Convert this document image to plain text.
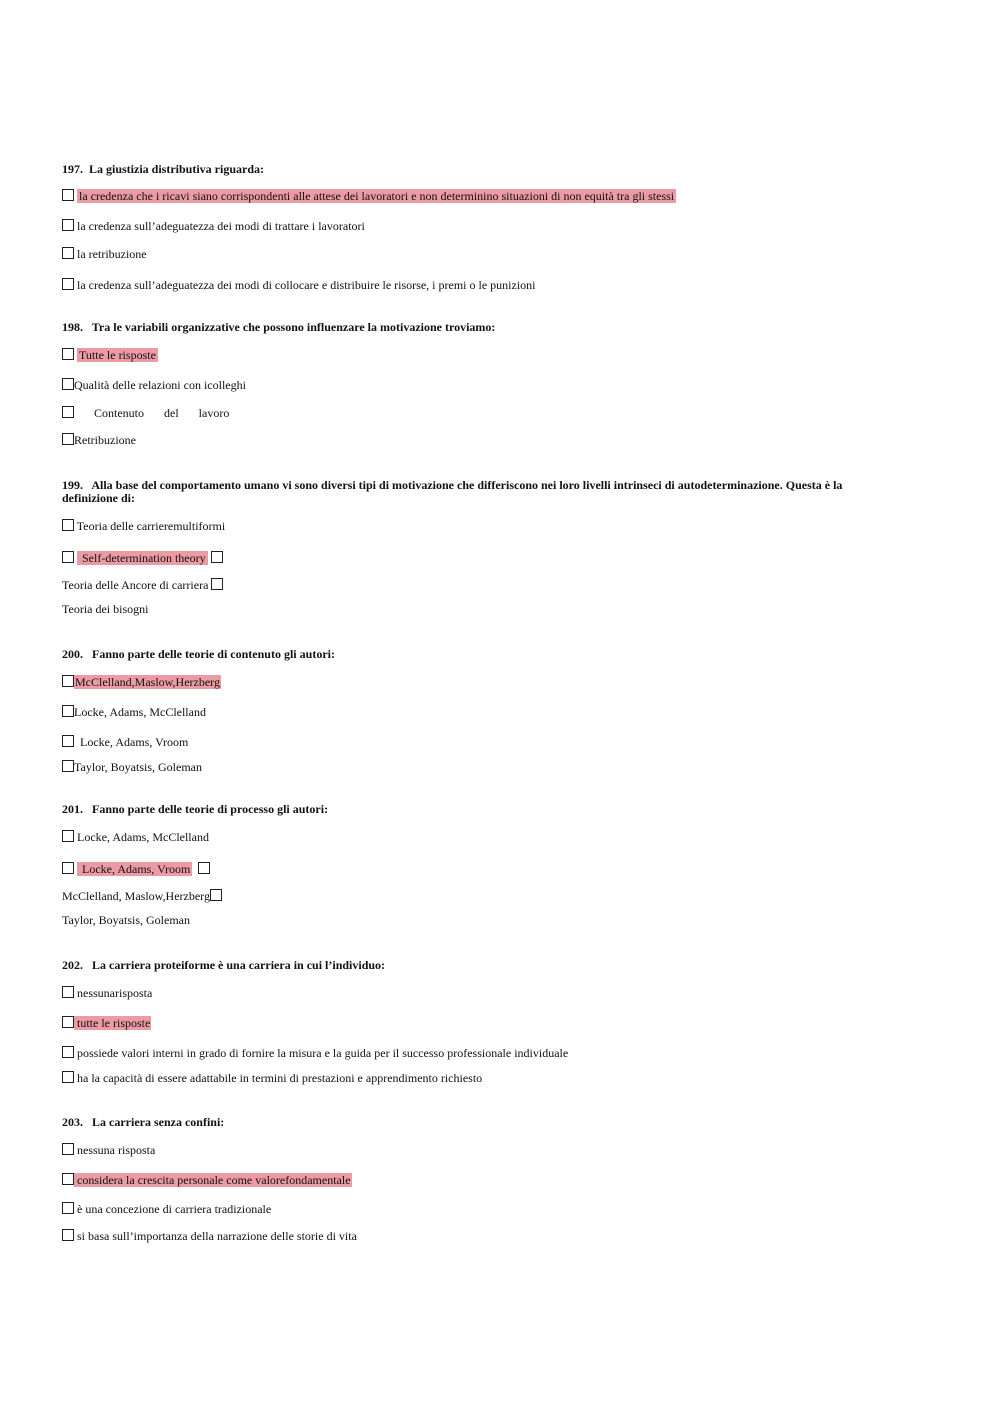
197. La giustizia distributiva riguarda:
la credenza che i ricavi siano corrispondenti alle attese dei lavoratori e non determinino situazioni di non equità tra gli stessi
la credenza sull’adeguatezza dei modi di trattare i lavoratori
la retribuzione
la credenza sull’adeguatezza dei modi di collocare e distribuire le risorse, i premi o le punizioni
198. Tra le variabili organizzative che possono influenzare la motivazione troviamo:
Tutte le risposte
Qualità delle relazioni con icolleghi
Contenuto del lavoro
Retribuzione
199. Alla base del comportamento umano vi sono diversi tipi di motivazione che differiscono nei loro livelli intrinseci di autodeterminazione. Questa è la definizione di:
Teoria delle carrieremultiformi
Self-determination theory
Teoria delle Ancore di carriera
Teoria dei bisogni
200. Fanno parte delle teorie di contenuto gli autori:
McClelland,Maslow,Herzberg
Locke, Adams, McClelland
Locke, Adams, Vroom
Taylor, Boyatsis, Goleman
201. Fanno parte delle teorie di processo gli autori:
Locke, Adams, McClelland
Locke, Adams, Vroom
McClelland, Maslow,Herzberg
Taylor, Boyatsis, Goleman
202. La carriera proteiforme è una carriera in cui l’individuo:
nessunarisposta
tutte le risposte
possiede valori interni in grado di fornire la misura e la guida per il successo professionale individuale
ha la capacità di essere adattabile in termini di prestazioni e apprendimento richiesto
203. La carriera senza confini:
nessuna risposta
considera la crescita personale come valorefondamentale
è una concezione di carriera tradizionale
si basa sull’importanza della narrazione delle storie di vita
